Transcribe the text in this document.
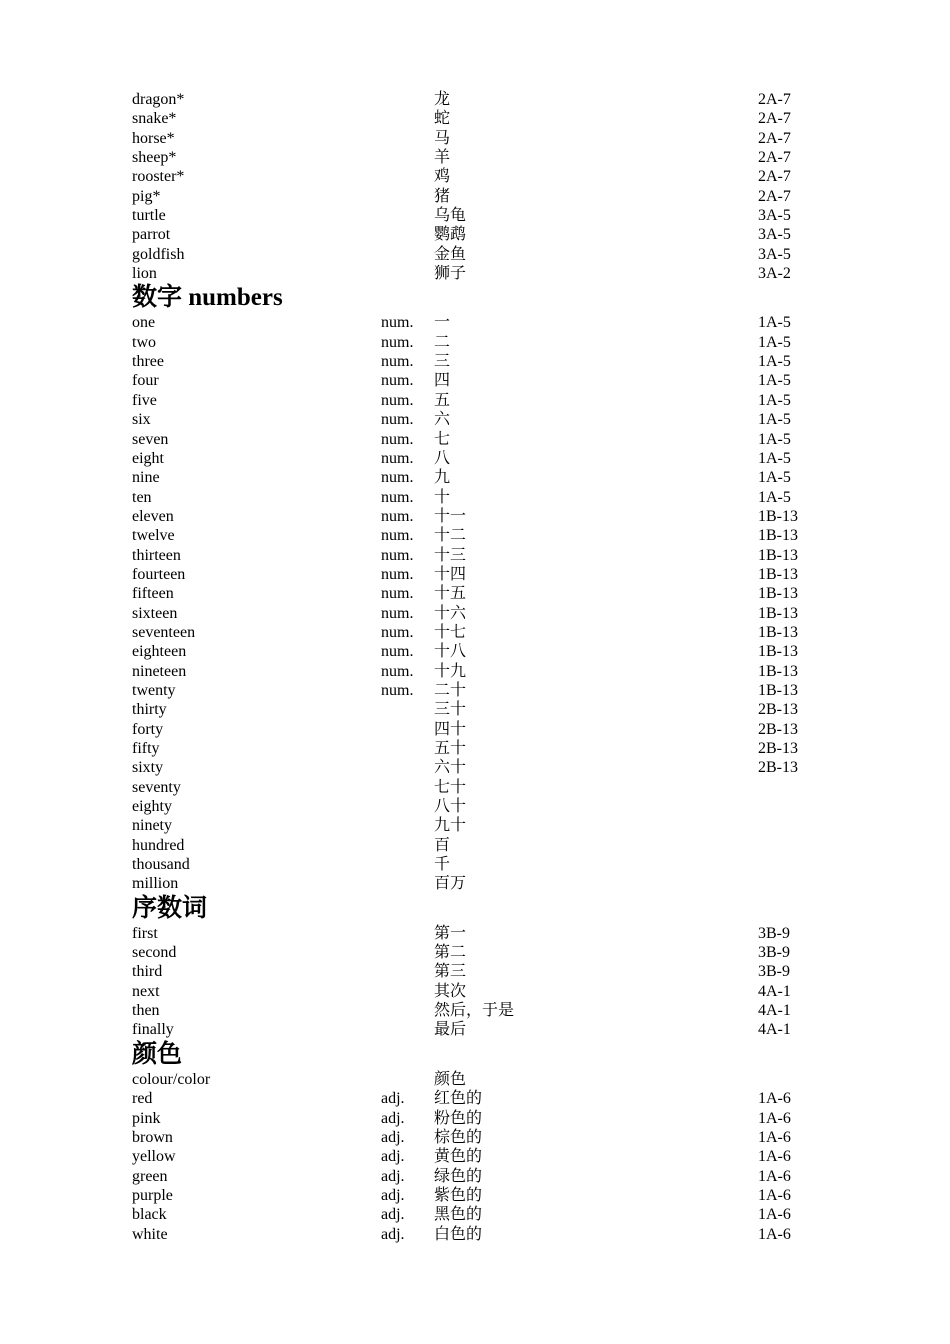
dragon*	龙	2A-7
snake*	蛇	2A-7
horse*	马	2A-7
sheep*	羊	2A-7
rooster*	鸡	2A-7
pig*	猪	2A-7
turtle	乌龟	3A-5
parrot	鹦鹉	3A-5
goldfish	金鱼	3A-5
lion	狮子	3A-2
数字 numbers
one	num. 一	1A-5
two	num. 二	1A-5
three	num. 三	1A-5
four	num. 四	1A-5
five	num. 五	1A-5
six	num. 六	1A-5
seven	num. 七	1A-5
eight	num. 八	1A-5
nine	num. 九	1A-5
ten	num. 十	1A-5
eleven	num. 十一	1B-13
twelve	num. 十二	1B-13
thirteen	num. 十三	1B-13
fourteen	num. 十四	1B-13
fifteen	num. 十五	1B-13
sixteen	num. 十六	1B-13
seventeen	num. 十七	1B-13
eighteen	num. 十八	1B-13
nineteen	num. 十九	1B-13
twenty	num. 二十	1B-13
thirty	三十	2B-13
forty	四十	2B-13
fifty	五十	2B-13
sixty	六十	2B-13
seventy	七十
eighty	八十
ninety	九十
hundred	百
thousand	千
million	百万
序数词
first	第一	3B-9
second	第二	3B-9
third	第三	3B-9
next	其次	4A-1
then	然后，于是	4A-1
finally	最后	4A-1
颜色
colour/color	颜色
red	adj. 红色的	1A-6
pink	adj. 粉色的	1A-6
brown	adj. 棕色的	1A-6
yellow	adj. 黄色的	1A-6
green	adj. 绿色的	1A-6
purple	adj. 紫色的	1A-6
black	adj. 黑色的	1A-6
white	adj. 白色的	1A-6
